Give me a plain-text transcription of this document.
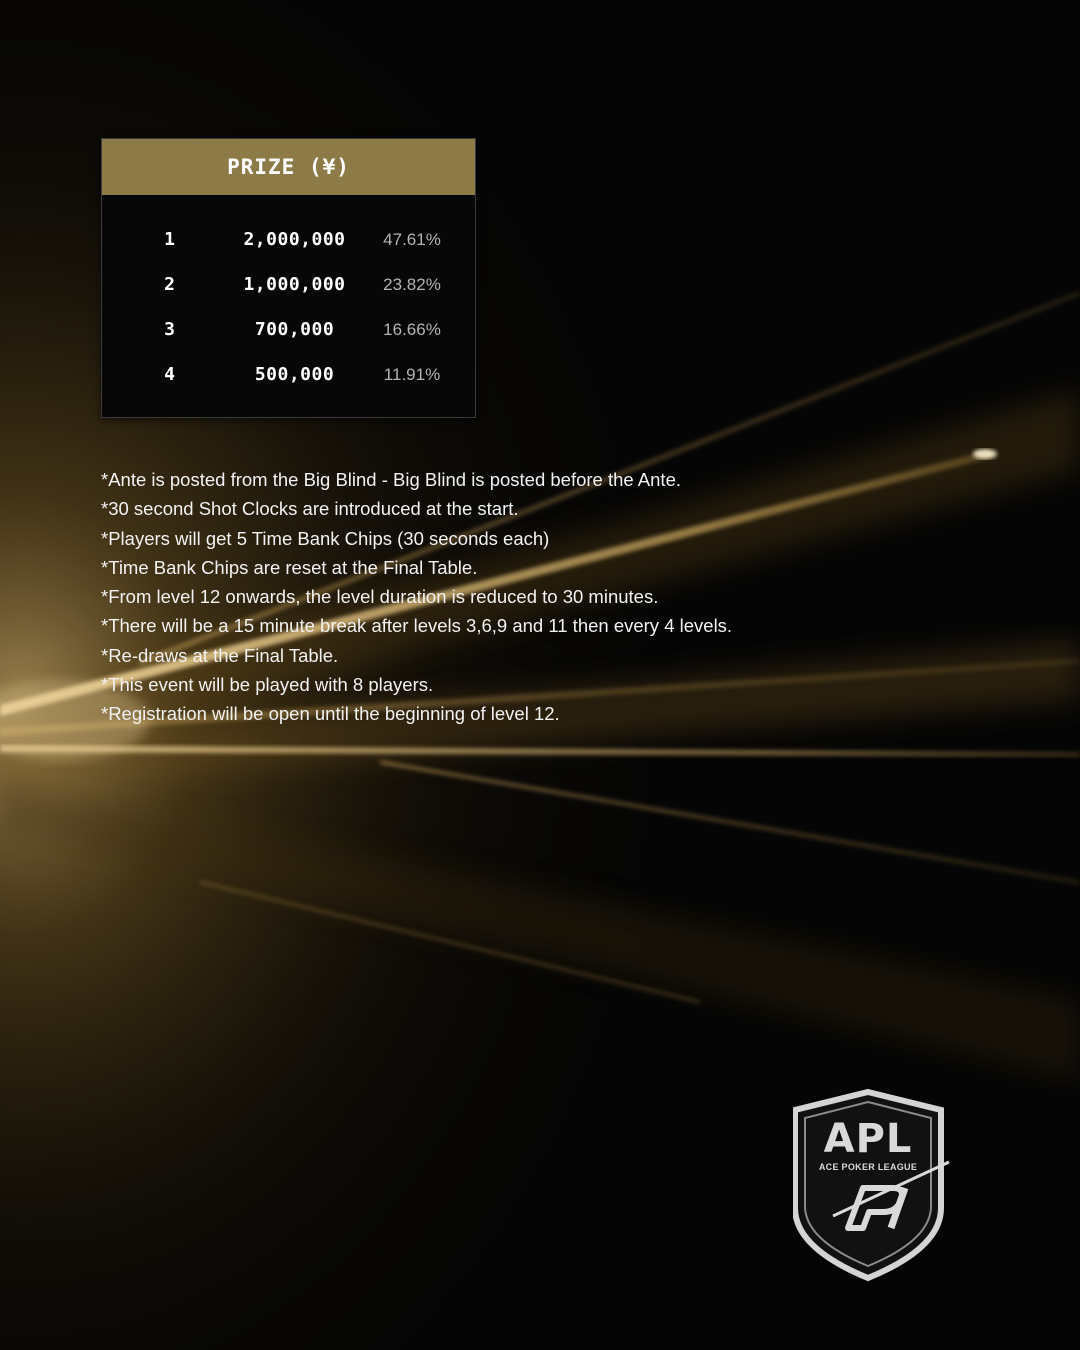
PRIZE (¥)
1	2,000,000	47.61%
2	1,000,000	23.82%
3	700,000	16.66%
4	500,000	11.91%
*Ante is posted from the Big Blind - Big Blind is posted before the Ante.
*30 second Shot Clocks are introduced at the start.
*Players will get 5 Time Bank Chips (30 seconds each)
*Time Bank Chips are reset at the Final Table.
*From level 12 onwards, the level duration is reduced to 30 minutes.
*There will be a 15 minute break after levels 3,6,9 and 11 then every 4 levels.
*Re-draws at the Final Table.
*This event will be played with 8 players.
*Registration will be open until the beginning of level 12.
APL
ACE POKER LEAGUE
